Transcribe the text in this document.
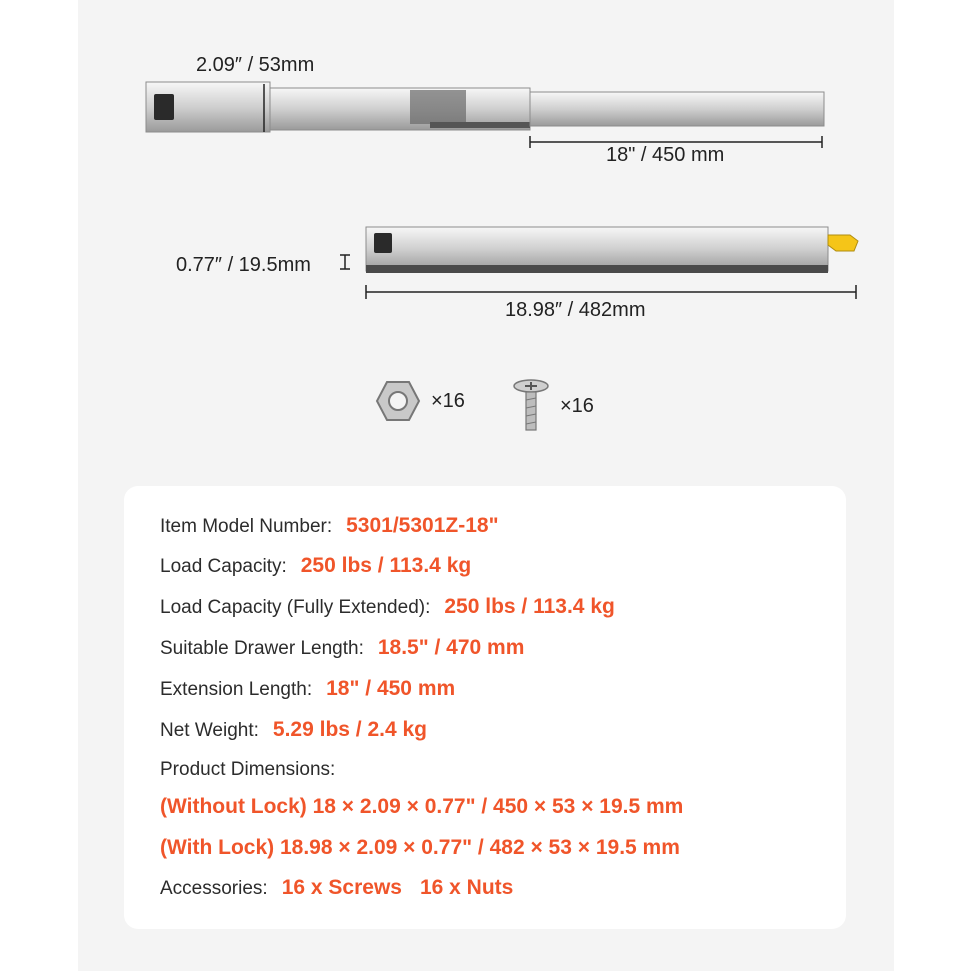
2.09″ / 53mm
18" / 450 mm
0.77″ / 19.5mm
18.98″ / 482mm
×16	×16
Item Model Number: 5301/5301Z-18"
Load Capacity: 250 lbs / 113.4 kg
Load Capacity (Fully Extended): 250 lbs / 113.4 kg
Suitable Drawer Length: 18.5" / 470 mm
Extension Length: 18" / 450 mm
Net Weight: 5.29 lbs / 2.4 kg
Product Dimensions:
(Without Lock) 18 × 2.09 × 0.77" / 450 × 53 × 19.5 mm
(With Lock) 18.98 × 2.09 × 0.77" / 482 × 53 × 19.5 mm
Accessories: 16 x Screws 16 x Nuts
